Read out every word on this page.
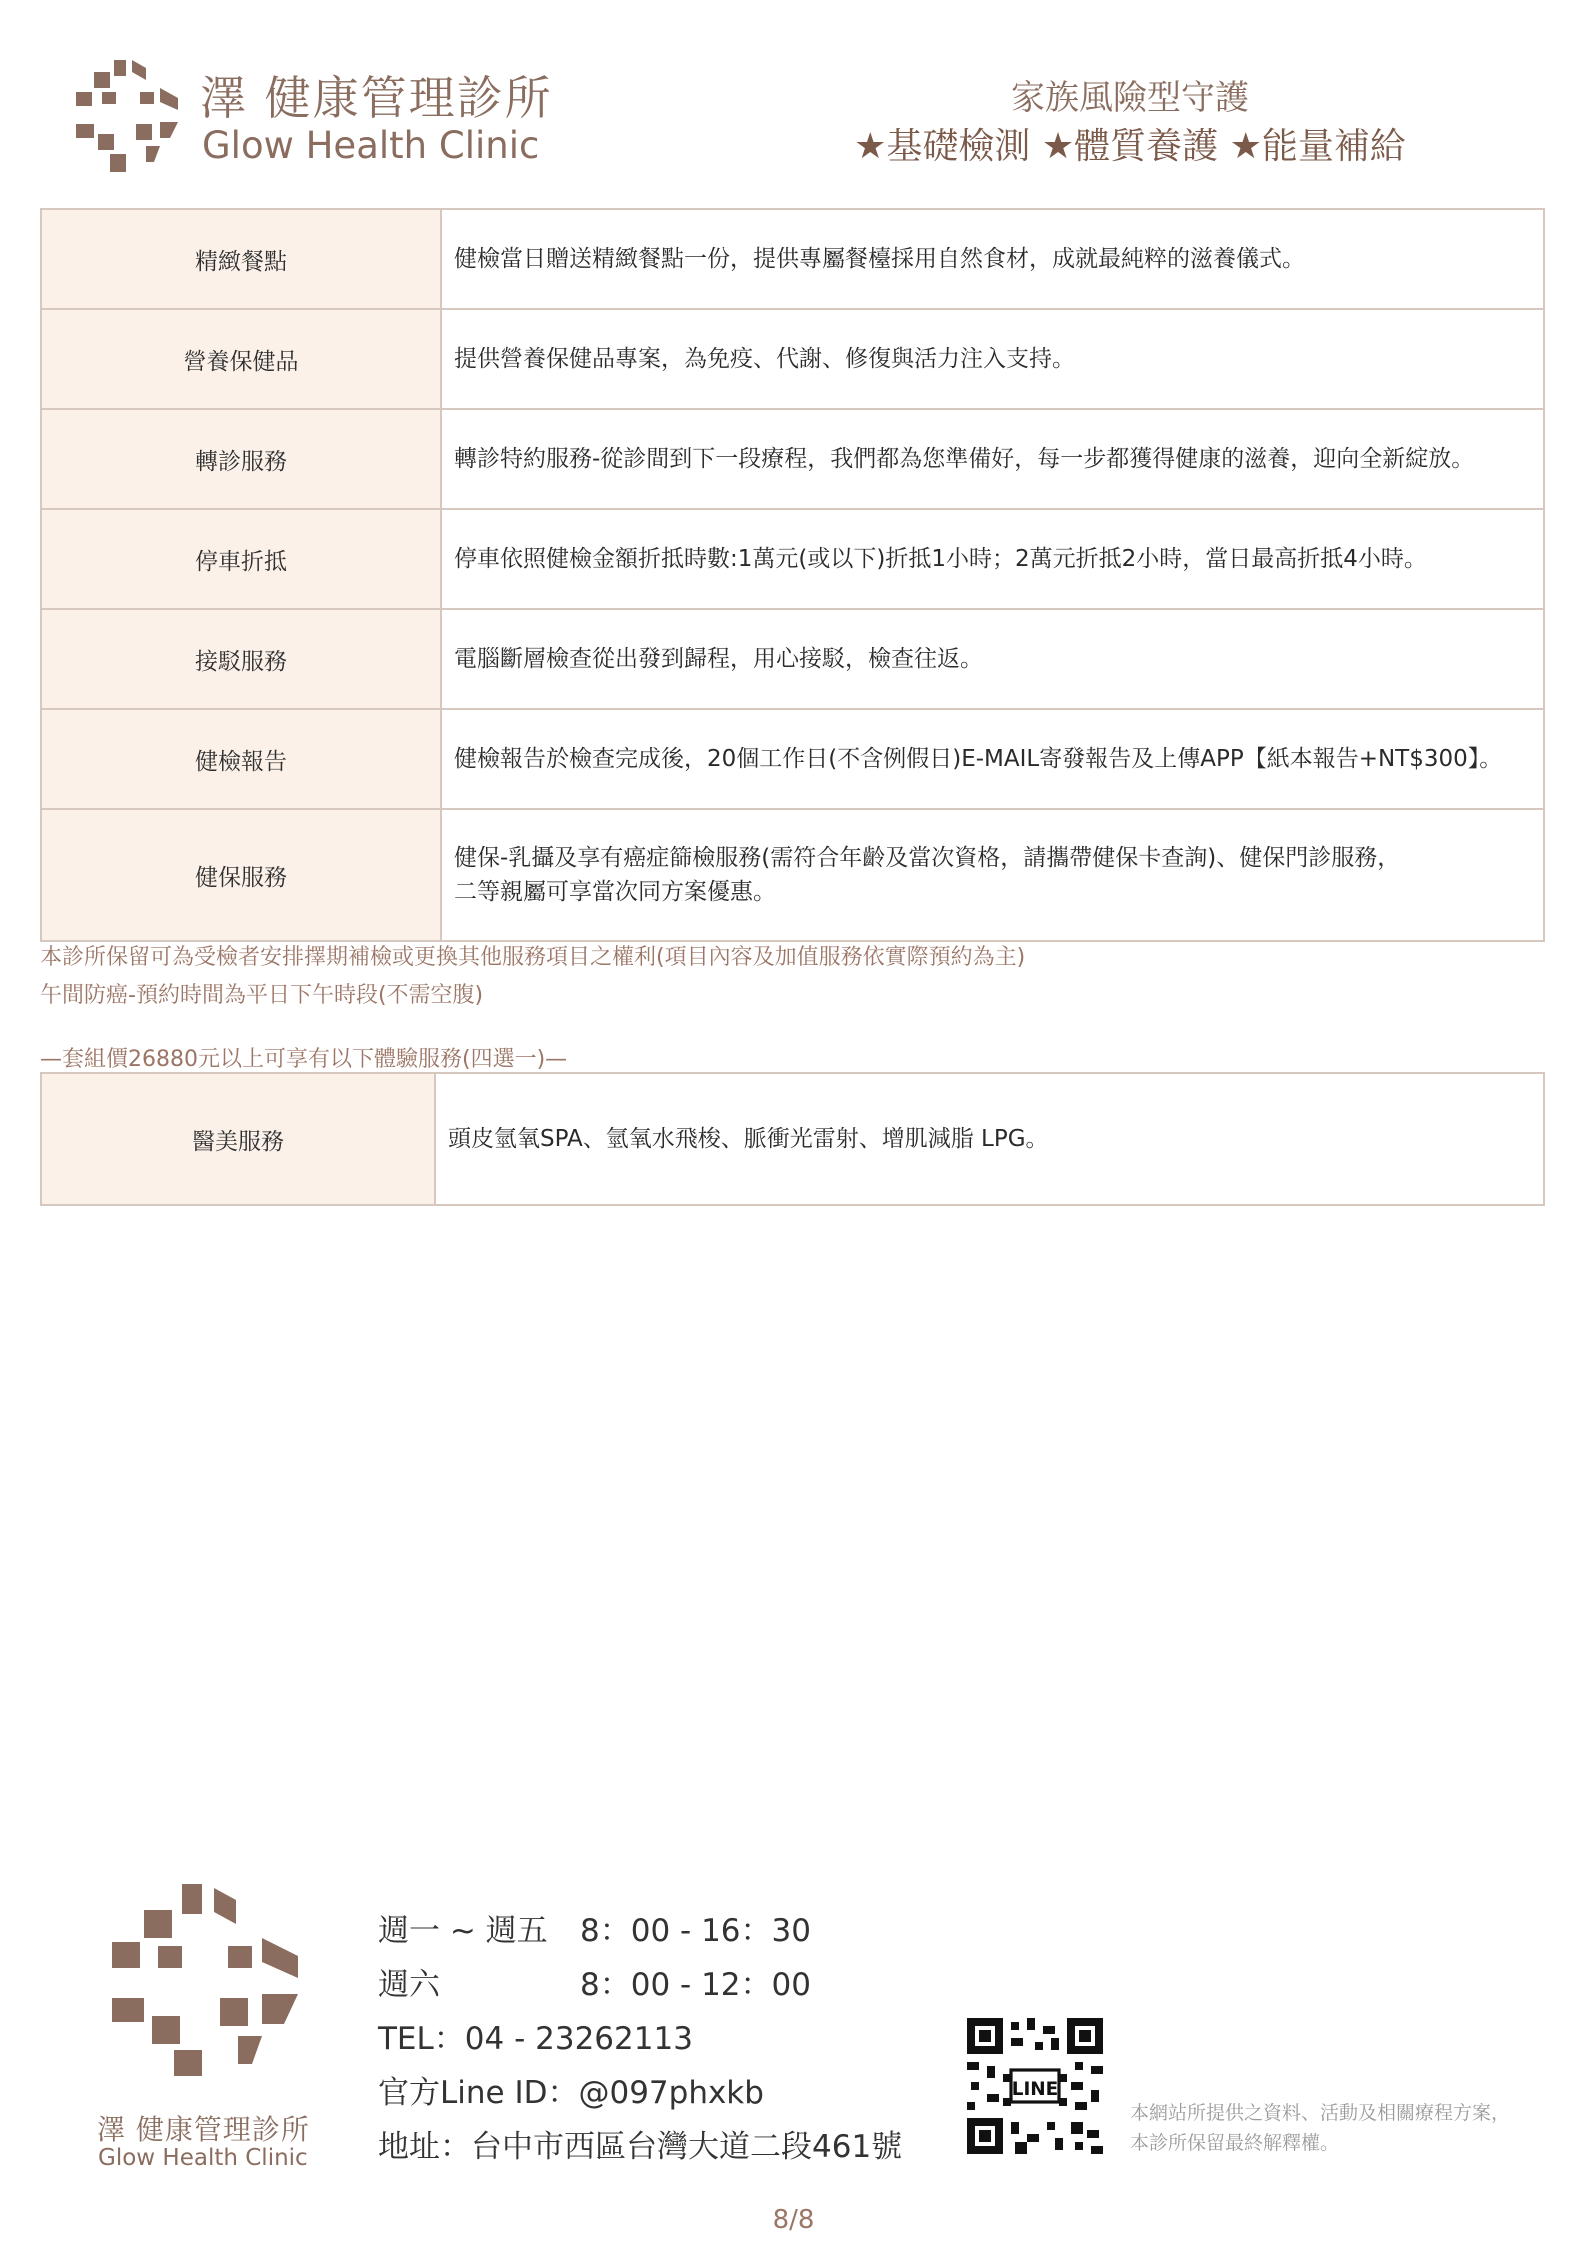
澤 健康管理診所
Glow Health Clinic
家族風險型守護
★基礎檢測 ★體質養護 ★能量補給
精緻餐點	健檢當日贈送精緻餐點一份，提供專屬餐檯採用自然食材，成就最純粹的滋養儀式。
營養保健品	提供營養保健品專案，為免疫、代謝、修復與活力注入支持。
轉診服務	轉診特約服務-從診間到下一段療程，我們都為您準備好，每一步都獲得健康的滋養，迎向全新綻放。
停車折抵	停車依照健檢金額折抵時數:1萬元(或以下)折抵1小時；2萬元折抵2小時，當日最高折抵4小時。
接駁服務	電腦斷層檢查從出發到歸程，用心接駁，檢查往返。
健檢報告	健檢報告於檢查完成後，20個工作日(不含例假日)E-MAIL寄發報告及上傳APP【紙本報告+NT$300】。
健保服務	健保-乳攝及享有癌症篩檢服務(需符合年齡及當次資格，請攜帶健保卡查詢)、健保門診服務，
二等親屬可享當次同方案優惠。
本診所保留可為受檢者安排擇期補檢或更換其他服務項目之權利(項目內容及加值服務依實際預約為主)
午間防癌-預約時間為平日下午時段(不需空腹)
—套組價26880元以上可享有以下體驗服務(四選一)—
醫美服務	頭皮氫氧SPA、氫氧水飛梭、脈衝光雷射、增肌減脂 LPG。
澤 健康管理診所
Glow Health Clinic
週一 ~ 週五 8：00 - 16：30
週六	8：00 - 12：00
TEL：04 - 23262113
官方Line ID：@097phxkb
地址：台中市西區台灣大道二段461號
LINE
本網站所提供之資料、活動及相關療程方案，
本診所保留最終解釋權。
8/8
